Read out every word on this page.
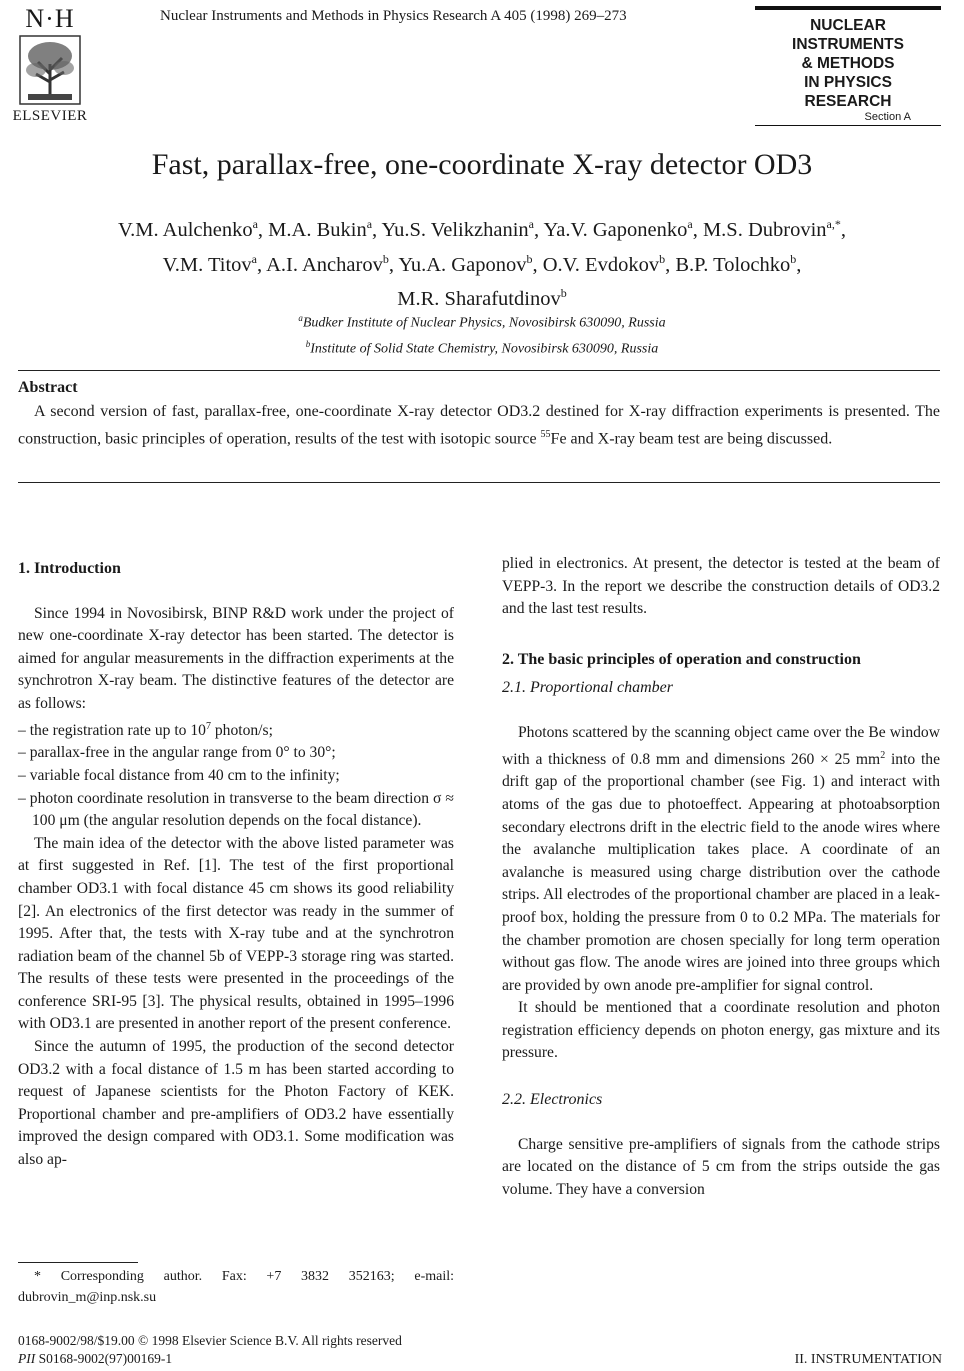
N·H
ELSEVIER
Nuclear Instruments and Methods in Physics Research A 405 (1998) 269–273
NUCLEAR
INSTRUMENTS
& METHODS
IN PHYSICS
RESEARCH
Section A
Fast, parallax-free, one-coordinate X-ray detector OD3
V.M. Aulchenko$^a$, M.A. Bukin$^a$, Yu.S. Velikzhanin$^a$, Ya.V. Gaponenko$^a$, M.S. Dubrovin$^{a,*}$,
V.M. Titov$^a$, A.I. Ancharov$^b$, Yu.A. Gaponov$^b$, O.V. Evdokov$^b$, B.P. Tolochko$^b$,
M.R. Sharafutdinov$^b$
$^a$Budker Institute of Nuclear Physics, Novosibirsk 630090, Russia
$^b$Institute of Solid State Chemistry, Novosibirsk 630090, Russia
Abstract
A second version of fast, parallax-free, one-coordinate X-ray detector OD3.2 destined for X-ray diffraction experiments is presented. The construction, basic principles of operation, results of the test with isotopic source $^{55}$Fe and X-ray beam test are being discussed.

1. Introduction

Since 1994 in Novosibirsk, BINP R&D work under the project of new one-coordinate X-ray detector has been started. The detector is aimed for angular measurements in the diffraction experiments at the synchrotron X-ray beam. The distinctive features of the detector are as follows:

– the registration rate up to $10^7$ photon/s;

– parallax-free in the angular range from 0° to 30°;

– variable focal distance from 40 cm to the infinity;

– photon coordinate resolution in transverse to the beam direction σ ≈ 100 μm (the angular resolution depends on the focal distance).

The main idea of the detector with the above listed parameter was at first suggested in Ref. [1]. The test of the first proportional chamber OD3.1 with focal distance 45 cm shows its good reliability [2]. An electronics of the first detector was ready in the summer of 1995. After that, the tests with X-ray tube and at the synchrotron radiation beam of the channel 5b of VEPP-3 storage ring was started. The results of these tests were presented in the proceedings of the conference SRI-95 [3]. The physical results, obtained in 1995–1996 with OD3.1 are presented in another report of the present conference.

Since the autumn of 1995, the production of the second detector OD3.2 with a focal distance of 1.5 m has been started according to request of Japanese scientists for the Photon Factory of KEK. Proportional chamber and pre-amplifiers of OD3.2 have essentially improved the design compared with OD3.1. Some modification was also ap-

plied in electronics. At present, the detector is tested at the beam of VEPP-3. In the report we describe the construction details of OD3.2 and the last test results.

2. The basic principles of operation and construction

2.1. Proportional chamber

Photons scattered by the scanning object came over the Be window with a thickness of 0.8 mm and dimensions 260 × 25 $mm^2$ into the drift gap of the proportional chamber (see Fig. 1) and interact with atoms of the gas due to photoeffect. Appearing at photoabsorption secondary electrons drift in the electric field to the anode wires where the avalanche multiplication takes place. A coordinate of an avalanche is measured using charge distribution over the cathode strips. All electrodes of the proportional chamber are placed in a leak-proof box, holding the pressure from 0 to 0.2 MPa. The materials for the chamber promotion are chosen specially for long term operation without gas flow. The anode wires are joined into three groups which are provided by own anode pre-amplifier for signal control.

It should be mentioned that a coordinate resolution and photon registration efficiency depends on photon energy, gas mixture and its pressure.

2.2. Electronics

Charge sensitive pre-amplifiers of signals from the cathode strips are located on the distance of 5 cm from the strips outside the gas volume. They have a conversion

* Corresponding author. Fax: +7 3832 352163; e-mail: dubrovin_m@inp.nsk.su
0168-9002/98/$19.00 © 1998 Elsevier Science B.V. All rights reserved
PII S0168-9002(97)00169-1	II. INSTRUMENTATION
